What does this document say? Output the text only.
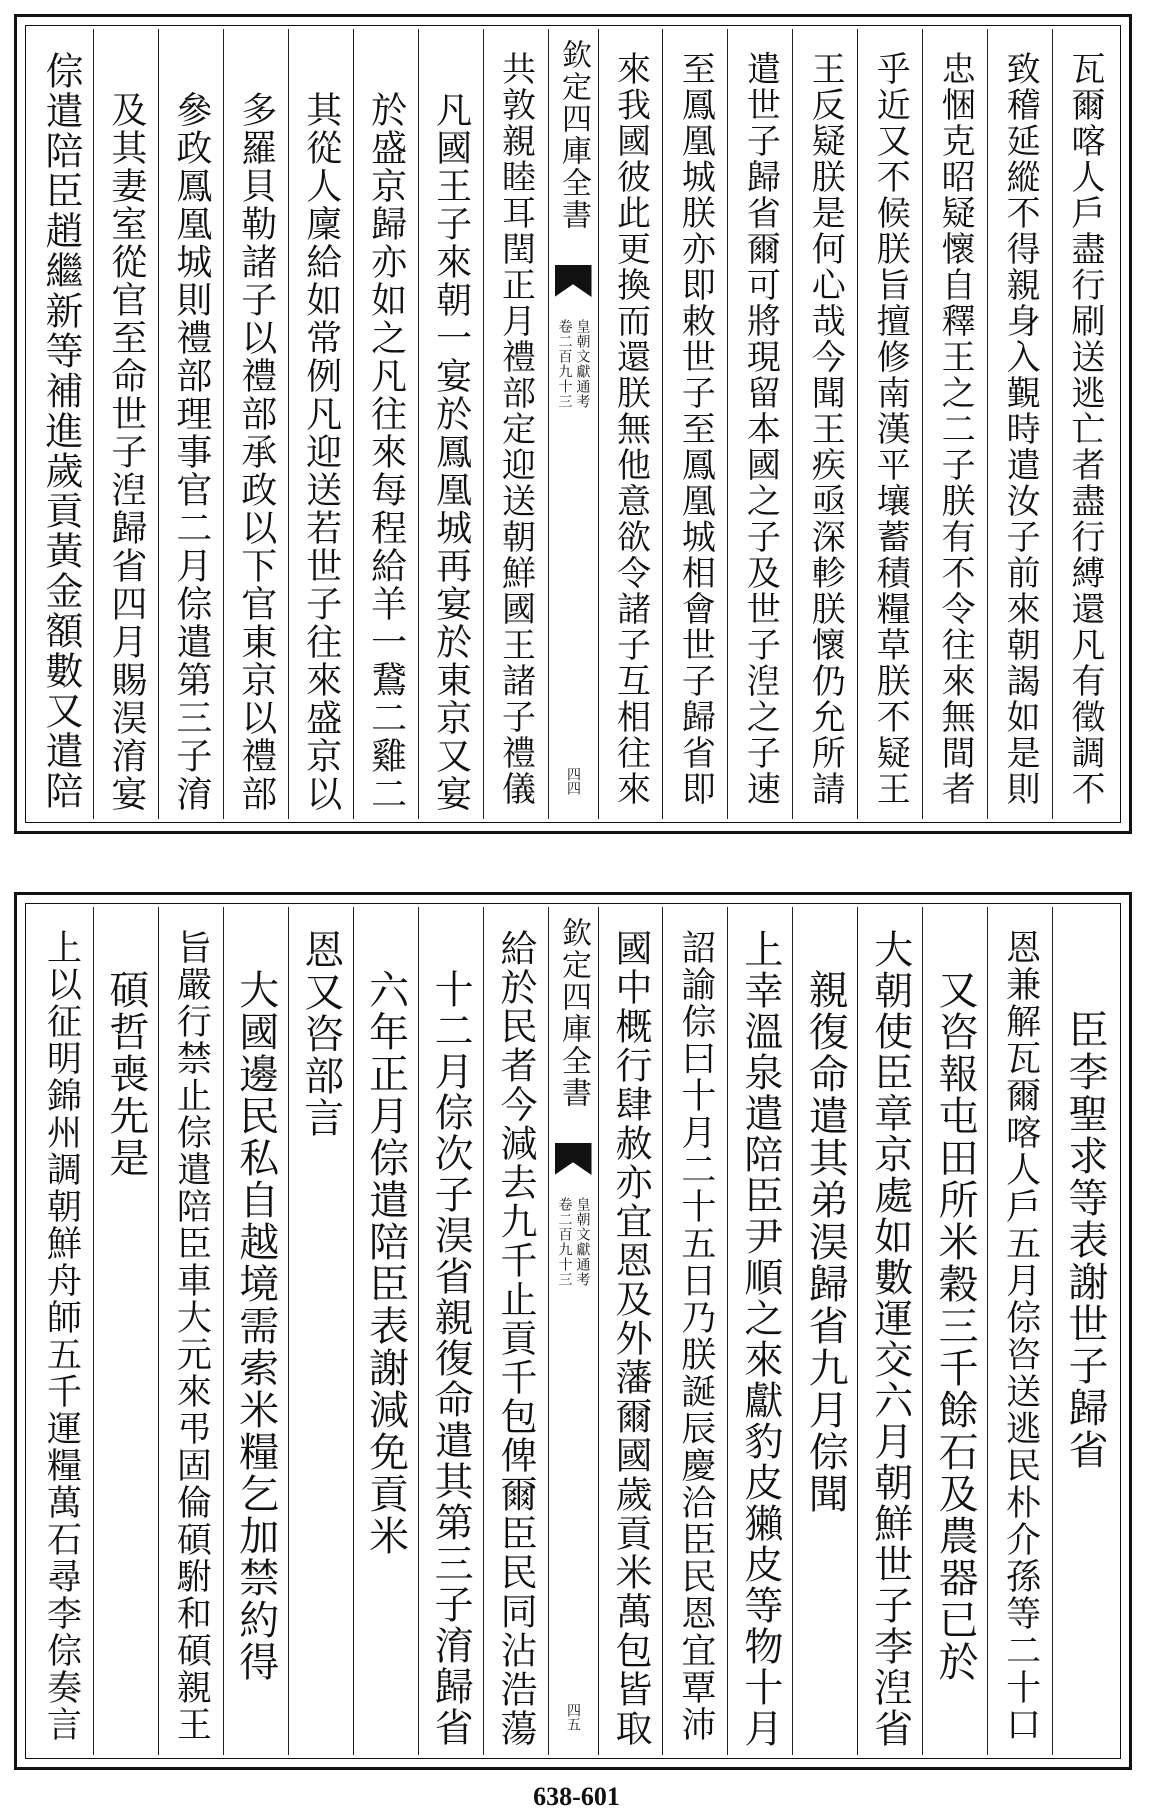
瓦爾喀人戶盡行刷送逃亡者盡行縛還凡有徵調不
致稽延縱不得親身入覲時遣汝子前來朝謁如是則
忠悃克昭疑懷自釋王之二子朕有不令往來無間者
乎近又不候朕旨擅修南漢平壤蓄積糧草朕不疑王
王反疑朕是何心哉今聞王疾亟深軫朕懷仍允所請
遣世子歸省爾可將現留本國之子及世子湼之子速
至鳳凰城朕亦即敕世子至鳳凰城相會世子歸省即
來我國彼此更換而還朕無他意欲令諸子互相往來
欽定四庫全書
皇朝文獻通考
卷二百九十三
四四
共敦親睦耳閏正月禮部定迎送朝鮮國王諸子禮儀
凡國王子來朝一宴於鳳凰城再宴於東京又宴
於盛京歸亦如之凡往來每程給羊一鵞二雞二
其從人廩給如常例凡迎送若世子往來盛京以
多羅貝勒諸子以禮部承政以下官東京以禮部
參政鳳凰城則禮部理事官二月倧遣第三子淯
及其妻室從官至命世子湼歸省四月賜淏淯宴
倧遣陪臣趙繼新等補進歲貢黃金額數又遣陪
臣李聖求等表謝世子歸省
恩兼解瓦爾喀人戶五月倧咨送逃民朴介孫等二十口
又咨報屯田所米穀三千餘石及農器已於
大朝使臣章京處如數運交六月朝鮮世子李湼省
親復命遣其弟淏歸省九月倧聞
上幸溫泉遣陪臣尹順之來獻豹皮獺皮等物十月
詔諭倧曰十月二十五日乃朕誕辰慶洽臣民恩宜覃沛
國中概行肆赦亦宜恩及外藩爾國歲貢米萬包皆取
欽定四庫全書
皇朝文獻通考
卷二百九十三
四五
給於民者今減去九千止貢千包俾爾臣民同沾浩蕩
十二月倧次子淏省親復命遣其第三子淯歸省
六年正月倧遣陪臣表謝減免貢米
恩又咨部言
大國邊民私自越境需索米糧乞加禁約得
旨嚴行禁止倧遣陪臣車大元來弔固倫碩駙和碩親王
碩哲喪先是
上以征明錦州調朝鮮舟師五千運糧萬石尋李倧奏言
638-601
